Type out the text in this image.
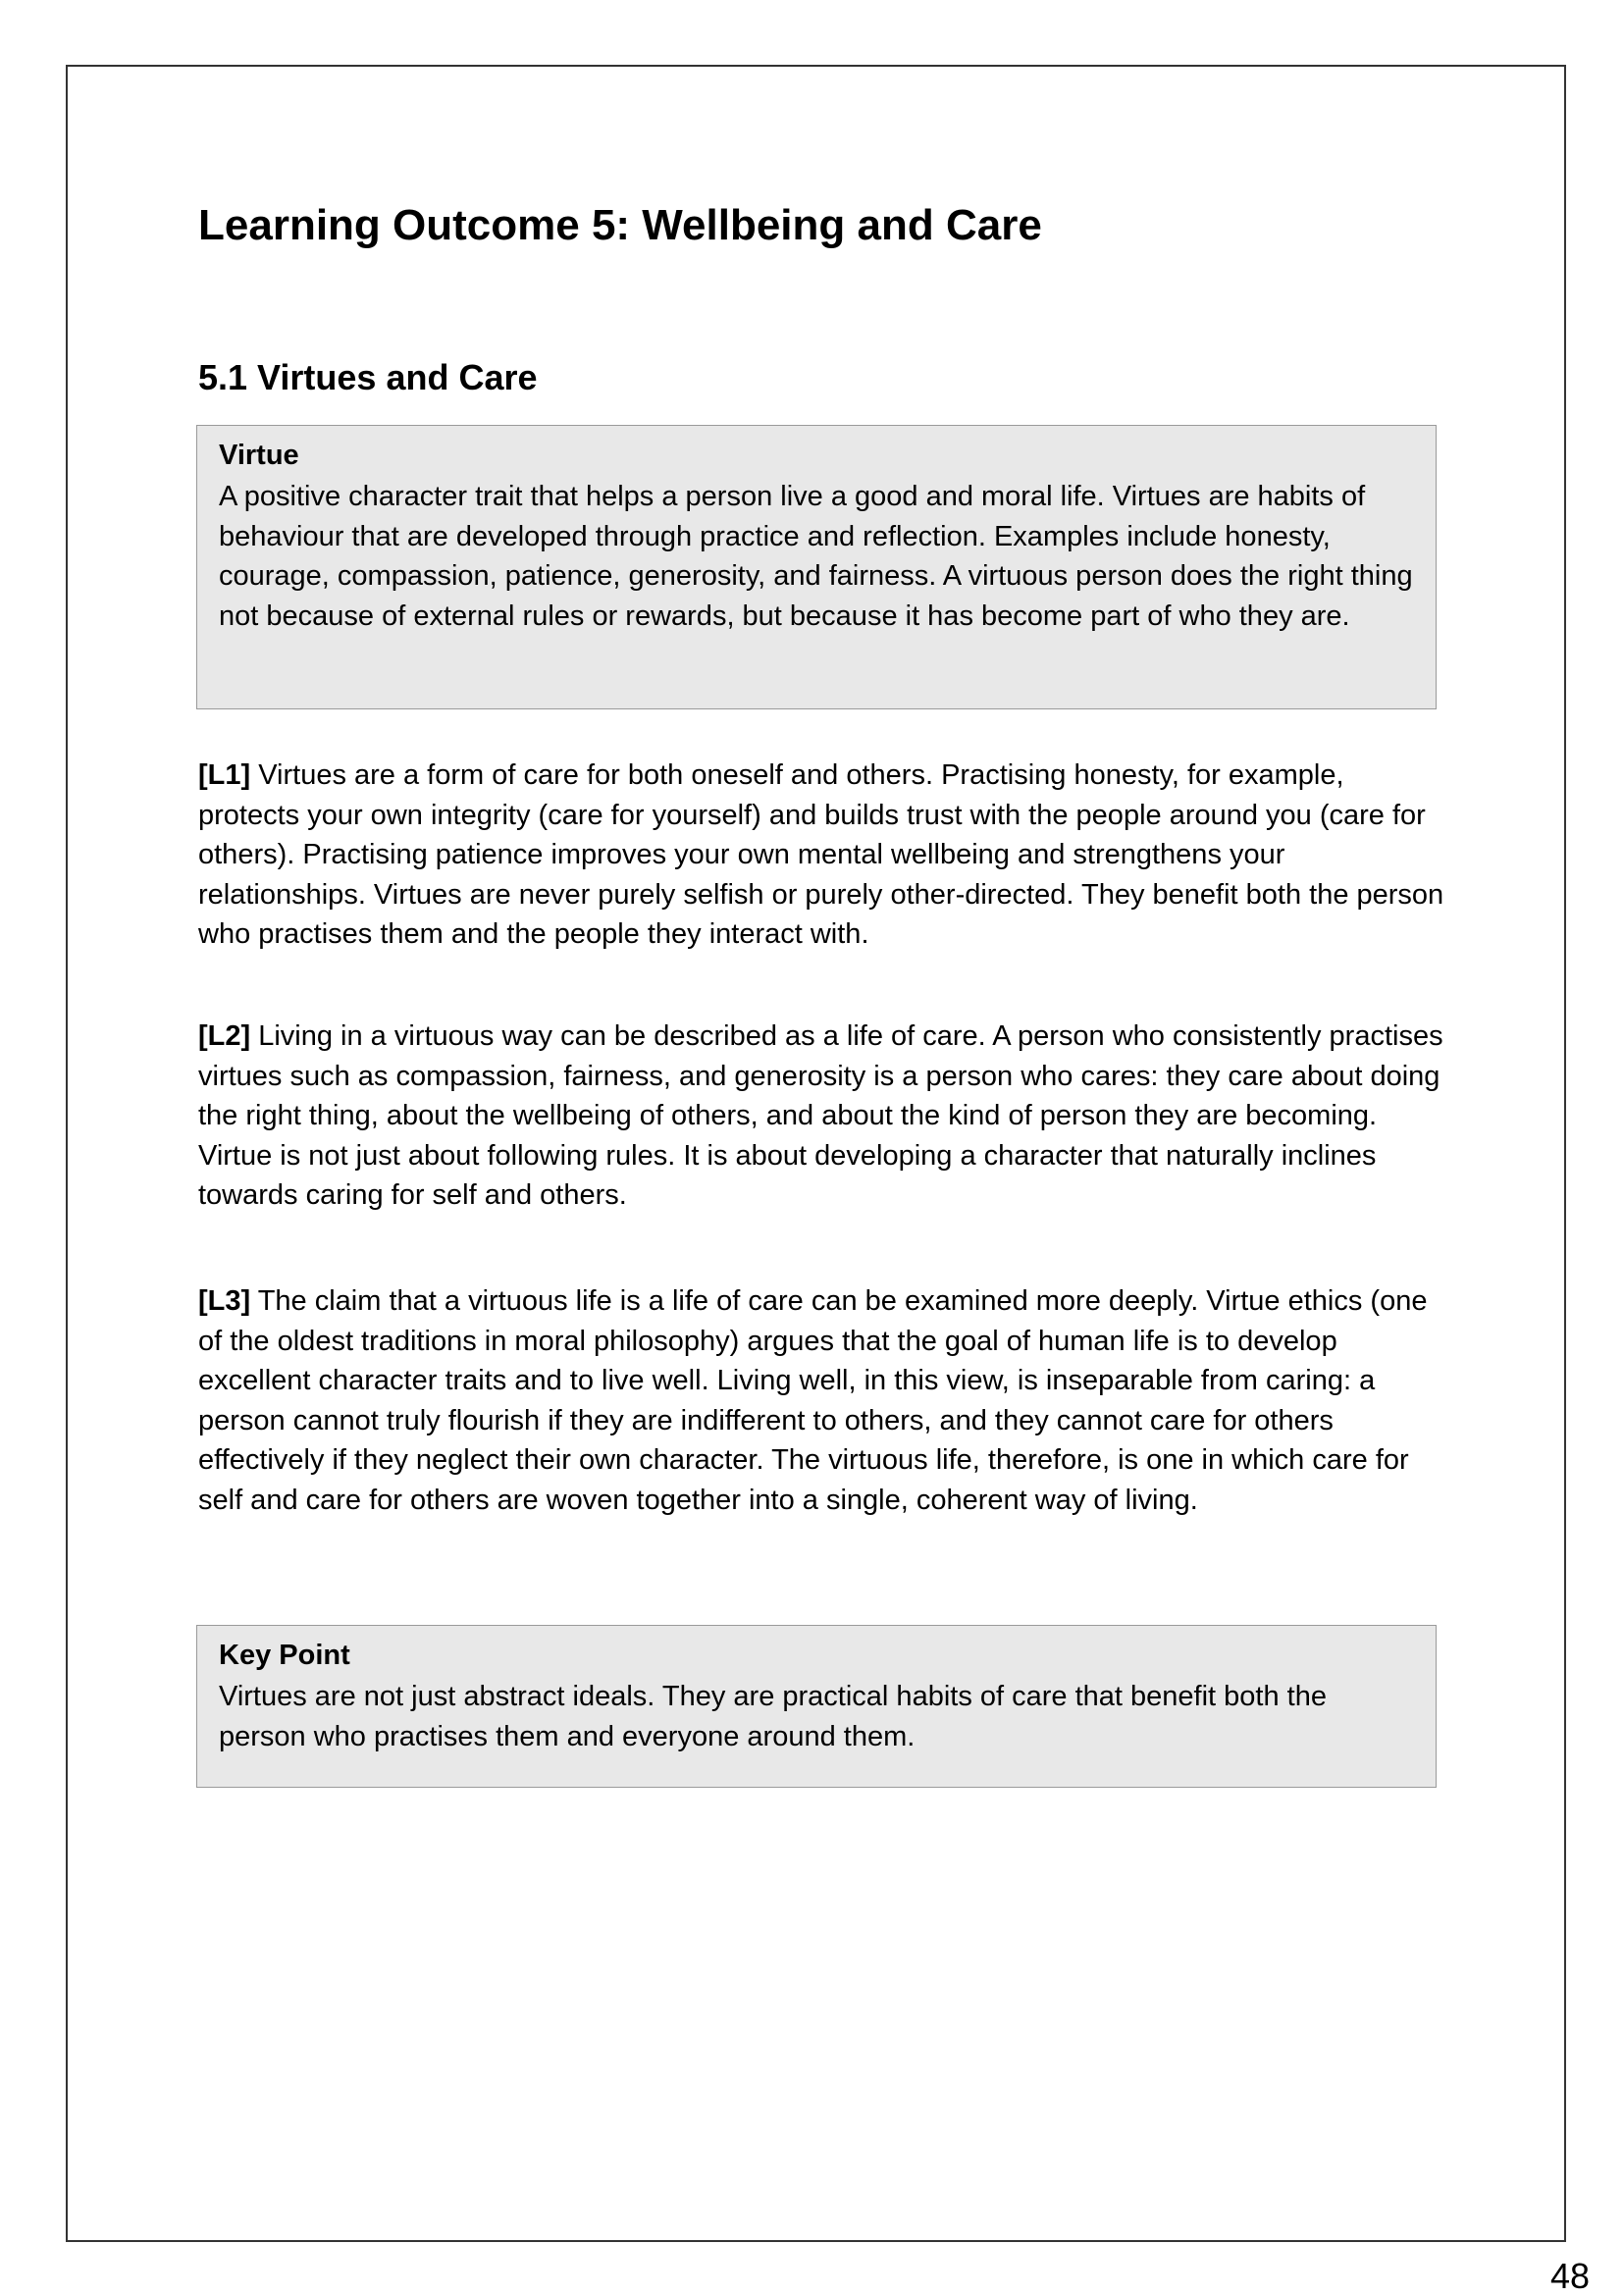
Learning Outcome 5: Wellbeing and Care
5.1 Virtues and Care
Virtue

A positive character trait that helps a person live a good and moral life. Virtues are habits of behaviour that are developed through practice and reflection. Examples include honesty, courage, compassion, patience, generosity, and fairness. A virtuous person does the right thing not because of external rules or rewards, but because it has become part of who they are.

[L1] Virtues are a form of care for both oneself and others. Practising honesty, for example, protects your own integrity (care for yourself) and builds trust with the people around you (care for others). Practising patience improves your own mental wellbeing and strengthens your relationships. Virtues are never purely selfish or purely other-directed. They benefit both the person who practises them and the people they interact with.

[L2] Living in a virtuous way can be described as a life of care. A person who consistently practises virtues such as compassion, fairness, and generosity is a person who cares: they care about doing the right thing, about the wellbeing of others, and about the kind of person they are becoming. Virtue is not just about following rules. It is about developing a character that naturally inclines towards caring for self and others.

[L3] The claim that a virtuous life is a life of care can be examined more deeply. Virtue ethics (one of the oldest traditions in moral philosophy) argues that the goal of human life is to develop excellent character traits and to live well. Living well, in this view, is inseparable from caring: a person cannot truly flourish if they are indifferent to others, and they cannot care for others effectively if they neglect their own character. The virtuous life, therefore, is one in which care for self and care for others are woven together into a single, coherent way of living.

Key Point

Virtues are not just abstract ideals. They are practical habits of care that benefit both the person who practises them and everyone around them.

48
